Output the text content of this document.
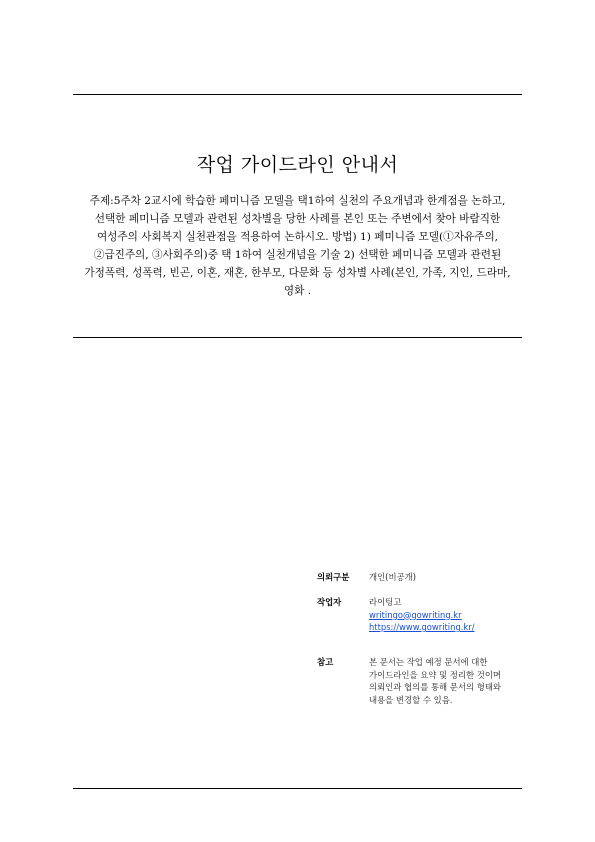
작업 가이드라인 안내서
주제:5주차 2교시에 학습한 페미니즘 모델을 택1하여 실천의 주요개념과 한계점을 논하고, 선택한 페미니즘 모델과 관련된 성차별을 당한 사례를 본인 또는 주변에서 찾아 바람직한 여성주의 사회복지 실천관점을 적용하여 논하시오. 방법) 1) 페미니즘 모델(①자유주의, ②급진주의, ③사회주의)중 택 1하여 실천개념을 기술 2) 선택한 페미니즘 모델과 관련된 가정폭력, 성폭력, 빈곤, 이혼, 재혼, 한부모, 다문화 등 성차별 사례(본인, 가족, 지인, 드라마, 영화 .
의뢰구분 개인(비공개)
작업자	라이팅고
writingo@gowriting.kr
https://www.gowriting.kr/
참고	본 문서는 작업 예정 문서에 대한
가이드라인을 요약 및 정리한 것이며
의뢰인과 협의를 통해 문서의 형태와
내용을 변경할 수 있음.
